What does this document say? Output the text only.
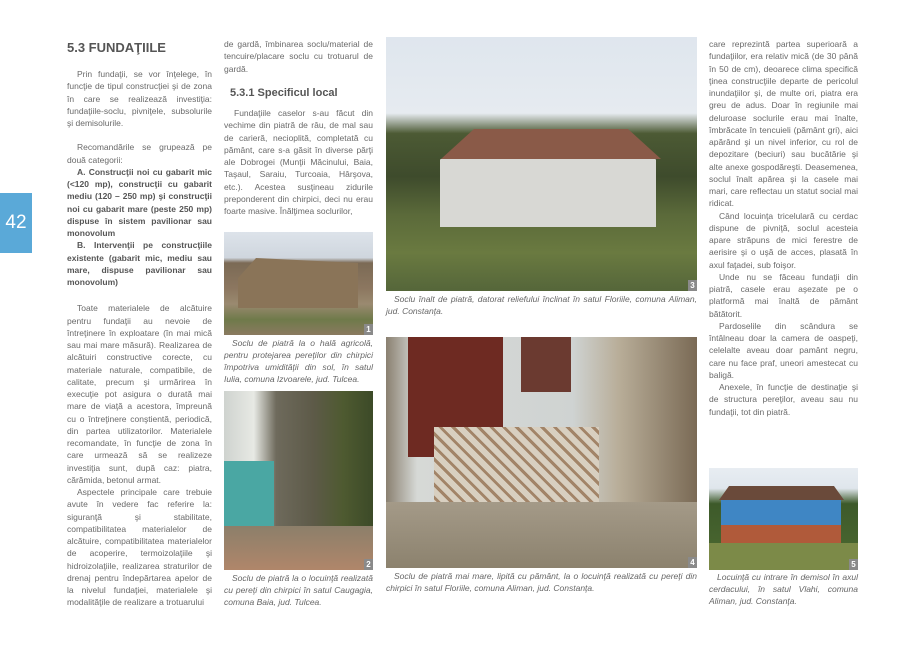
42
5.3 FUNDAŢIILE

Prin fundaţii, se vor înţelege, în funcţie de tipul construcţiei şi de zona în care se realizează investiţia: fundaţiile-soclu, pivniţele, subsolurile şi demisolurile.

Recomandările se grupează pe două categorii:

A. Construcţii noi cu gabarit mic (<120 mp), construcţii cu gabarit mediu (120 – 250 mp) şi construcţii noi cu gabarit mare (peste 250 mp) dispuse în sistem pavilionar sau monovolum

B. Intervenţii pe construcţiile existente (gabarit mic, mediu sau mare, dispuse pavilionar sau monovolum)

Toate materialele de alcătuire pentru fundaţii au nevoie de întreţinere în exploatare (în mai mică sau mai mare măsură). Realizarea de alcătuiri constructive corecte, cu materiale naturale, compatibile, de calitate, precum şi urmărirea în execuţie pot asigura o durată mai mare de viaţă a acestora, împreună cu o întreţinere conştientă, periodică, din partea utilizatorilor. Materialele recomandate, în funcţie de zona în care urmează să se realizeze investiţia sunt, după caz: piatra, cărămida, betonul armat.

Aspectele principale care trebuie avute în vedere fac referire la: siguranţă şi stabilitate, compatibilitatea materialelor de alcătuire, compatibilitatea materialelor de acoperire, termoizolaţiile şi hidroizolaţiile, realizarea straturilor de drenaj pentru îndepărtarea apelor de la nivelul fundaţiei, materialele şi modalităţile de realizare a trotuarului

de gardă, îmbinarea soclu/material de tencuire/placare soclu cu trotuarul de gardă.

5.3.1 Specificul local

Fundaţiile caselor s-au făcut din vechime din piatră de râu, de mal sau de carieră, necioplită, completată cu pământ, care s-a găsit în diverse părţi ale Dobrogei (Munţii Măcinului, Baia, Taşaul, Saraiu, Turcoaia, Hârşova, etc.). Acestea susţineau zidurile preponderent din chirpici, deci nu erau foarte masive. Înălţimea soclurilor,

1

Soclu de piatră la o hală agricolă, pentru protejarea pereţilor din chirpici împotriva umidităţii din sol, în satul Iulia, comuna Izvoarele, jud. Tulcea.

2

Soclu de piatră la o locuinţă realizată cu pereţi din chirpici în satul Caugagia, comuna Baia, jud. Tulcea.

3

Soclu înalt de piatră, datorat reliefului înclinat în satul Floriile, comuna Aliman, jud. Constanţa.

4

Soclu de piatră mai mare, lipită cu pământ, la o locuinţă realizată cu pereţi din chirpici în satul Floriile, comuna Aliman, jud. Constanţa.

care reprezintă partea superioară a fundaţiilor, era relativ mică (de 30 până în 50 de cm), deoarece clima specifică ţinea construcţiile departe de pericolul inundaţiilor şi, de multe ori, piatra era greu de adus. Doar în regiunile mai deluroase soclurile erau mai înalte, îmbrăcate în tencuieli (pământ gri), aici apărând şi un nivel inferior, cu rol de depozitare (beciuri) sau bucătărie şi alte anexe gospodăreşti. Deasemenea, soclul înalt apărea şi la casele mai mari, care reflectau un statut social mai ridicat.

Când locuinţa tricelulară cu cerdac dispune de pivniţă, soclul acesteia apare străpuns de mici ferestre de aerisire şi o uşă de acces, plasată în axul faţadei, sub foişor.

Unde nu se făceau fundaţii din piatră, casele erau aşezate pe o platformă mai înaltă de pământ bătătorit.

Pardoselile din scândura se întâlneau doar la camera de oaspeţi, celelalte aveau doar pamânt negru, care nu face praf, uneori amestecat cu baligă.

Anexele, în funcţie de destinaţie şi de structura pereţilor, aveau sau nu fundaţii, tot din piatră.

5

Locuinţă cu intrare în demisol în axul cerdacului, în satul Vlahi, comuna Aliman, jud. Constanţa.
